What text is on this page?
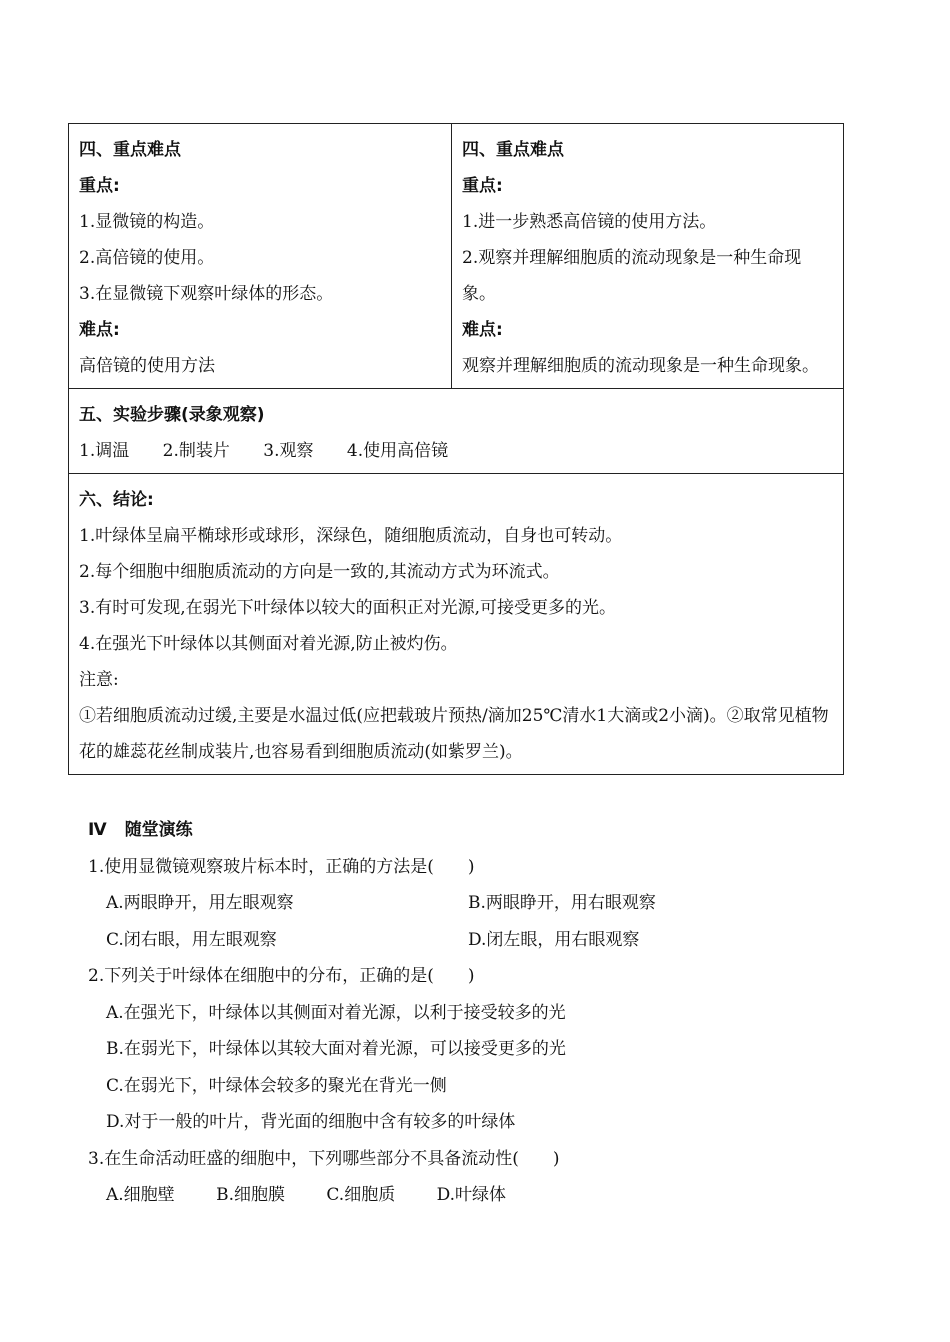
四、重点难点
重点:
1.显微镜的构造。
2.高倍镜的使用。
3.在显微镜下观察叶绿体的形态。
难点:
高倍镜的使用方法

四、重点难点
重点:
1.进一步熟悉高倍镜的使用方法。
2.观察并理解细胞质的流动现象是一种生命现象。
难点:
观察并理解细胞质的流动现象是一种生命现象。

五、实验步骤(录象观察)
1.调温 2.制装片 3.观察 4.使用高倍镜

六、结论:
1.叶绿体呈扁平椭球形或球形，深绿色，随细胞质流动，自身也可转动。
2.每个细胞中细胞质流动的方向是一致的,其流动方式为环流式。
3.有时可发现,在弱光下叶绿体以较大的面积正对光源,可接受更多的光。
4.在强光下叶绿体以其侧面对着光源,防止被灼伤。
注意:
①若细胞质流动过缓,主要是水温过低(应把载玻片预热/滴加25℃清水1大滴或2小滴)。②取常见植物花的雄蕊花丝制成装片,也容易看到细胞质流动(如紫罗兰)。
Ⅳ 随堂演练
1.使用显微镜观察玻片标本时，正确的方法是(　　)
A.两眼睁开，用左眼观察	B.两眼睁开，用右眼观察
C.闭右眼，用左眼观察	D.闭左眼，用右眼观察
2.下列关于叶绿体在细胞中的分布，正确的是(　　)
A.在强光下，叶绿体以其侧面对着光源，以利于接受较多的光
B.在弱光下，叶绿体以其较大面对着光源，可以接受更多的光
C.在弱光下，叶绿体会较多的聚光在背光一侧
D.对于一般的叶片，背光面的细胞中含有较多的叶绿体
3.在生命活动旺盛的细胞中，下列哪些部分不具备流动性(　　)
A.细胞壁 B.细胞膜 C.细胞质 D.叶绿体
